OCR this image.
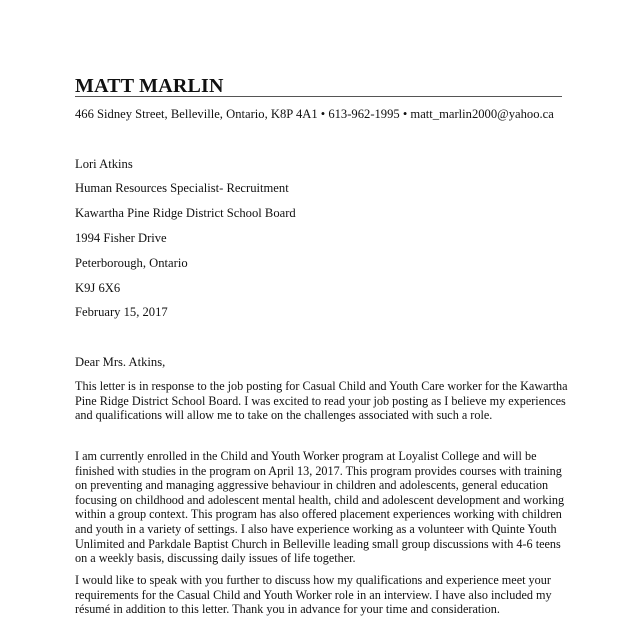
MATT MARLIN
466 Sidney Street, Belleville, Ontario, K8P 4A1 • 613-962-1995 • matt_marlin2000@yahoo.ca
Lori Atkins
Human Resources Specialist- Recruitment
Kawartha Pine Ridge District School Board
1994 Fisher Drive
Peterborough, Ontario
K9J 6X6
February 15, 2017
Dear Mrs. Atkins,

This letter is in response to the job posting for Casual Child and Youth Care worker for the Kawartha Pine Ridge District School Board. I was excited to read your job posting as I believe my experiences and qualifications will allow me to take on the challenges associated with such a role.

I am currently enrolled in the Child and Youth Worker program at Loyalist College and will be finished with studies in the program on April 13, 2017. This program provides courses with training on preventing and managing aggressive behaviour in children and adolescents, general education focusing on childhood and adolescent mental health, child and adolescent development and working within a group context. This program has also offered placement experiences working with children and youth in a variety of settings. I also have experience working as a volunteer with Quinte Youth Unlimited and Parkdale Baptist Church in Belleville leading small group discussions with 4-6 teens on a weekly basis, discussing daily issues of life together.

I would like to speak with you further to discuss how my qualifications and experience meet your requirements for the Casual Child and Youth Worker role in an interview. I have also included my résumé in addition to this letter. Thank you in advance for your time and consideration.
